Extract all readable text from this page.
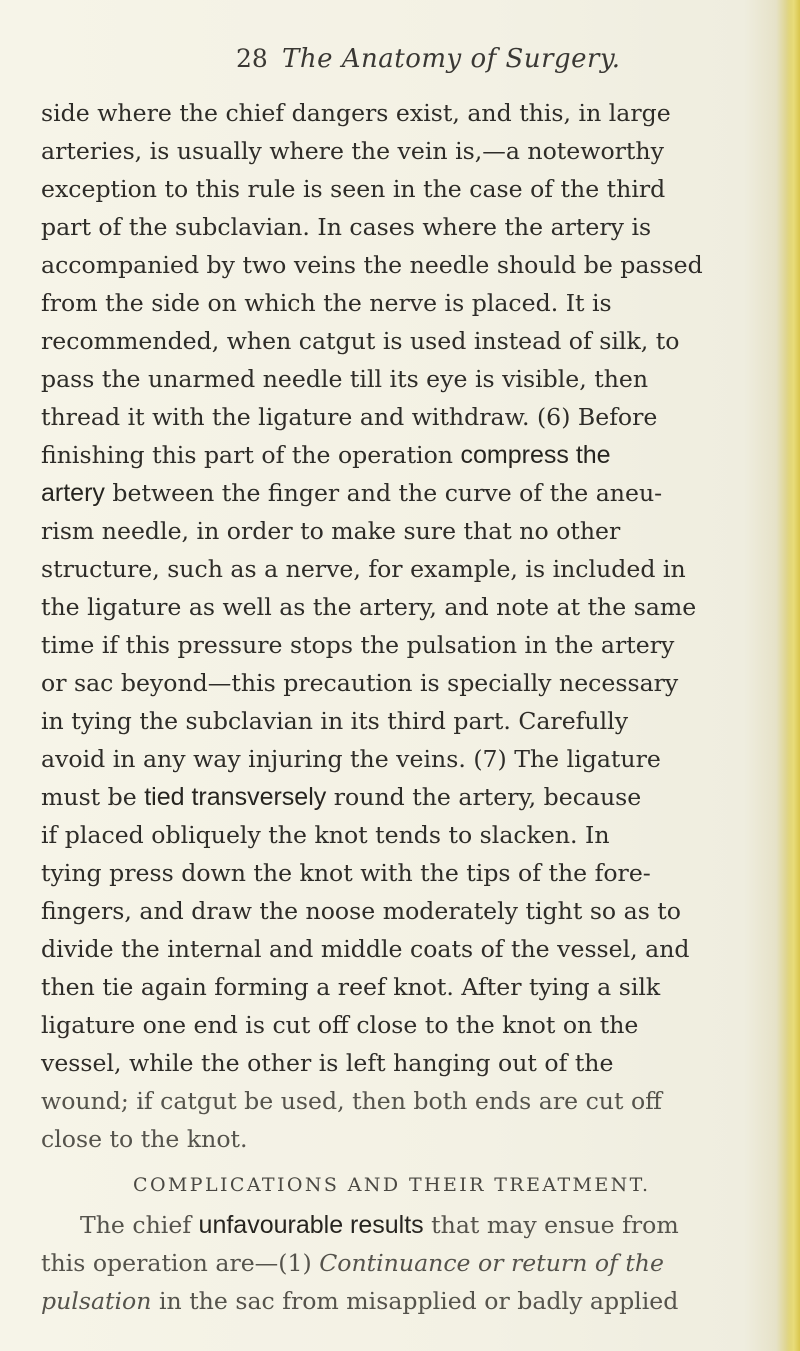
28 The Anatomy of Surgery.
side where the chief dangers exist, and this, in large
arteries, is usually where the vein is,—a noteworthy
exception to this rule is seen in the case of the third
part of the subclavian. In cases where the artery is
accompanied by two veins the needle should be passed
from the side on which the nerve is placed. It is
recommended, when catgut is used instead of silk, to
pass the unarmed needle till its eye is visible, then
thread it with the ligature and withdraw. (6) Before
finishing this part of the operation compress the
artery between the finger and the curve of the aneu-
rism needle, in order to make sure that no other
structure, such as a nerve, for example, is included in
the ligature as well as the artery, and note at the same
time if this pressure stops the pulsation in the artery
or sac beyond—this precaution is specially necessary
in tying the subclavian in its third part. Carefully
avoid in any way injuring the veins. (7) The ligature
must be tied transversely round the artery, because
if placed obliquely the knot tends to slacken. In
tying press down the knot with the tips of the fore-
fingers, and draw the noose moderately tight so as to
divide the internal and middle coats of the vessel, and
then tie again forming a reef knot. After tying a silk
ligature one end is cut off close to the knot on the
vessel, while the other is left hanging out of the
wound; if catgut be used, then both ends are cut off
close to the knot.
COMPLICATIONS AND THEIR TREATMENT.
The chief unfavourable results that may ensue from
this operation are—(1) Continuance or return of the
pulsation in the sac from misapplied or badly applied
